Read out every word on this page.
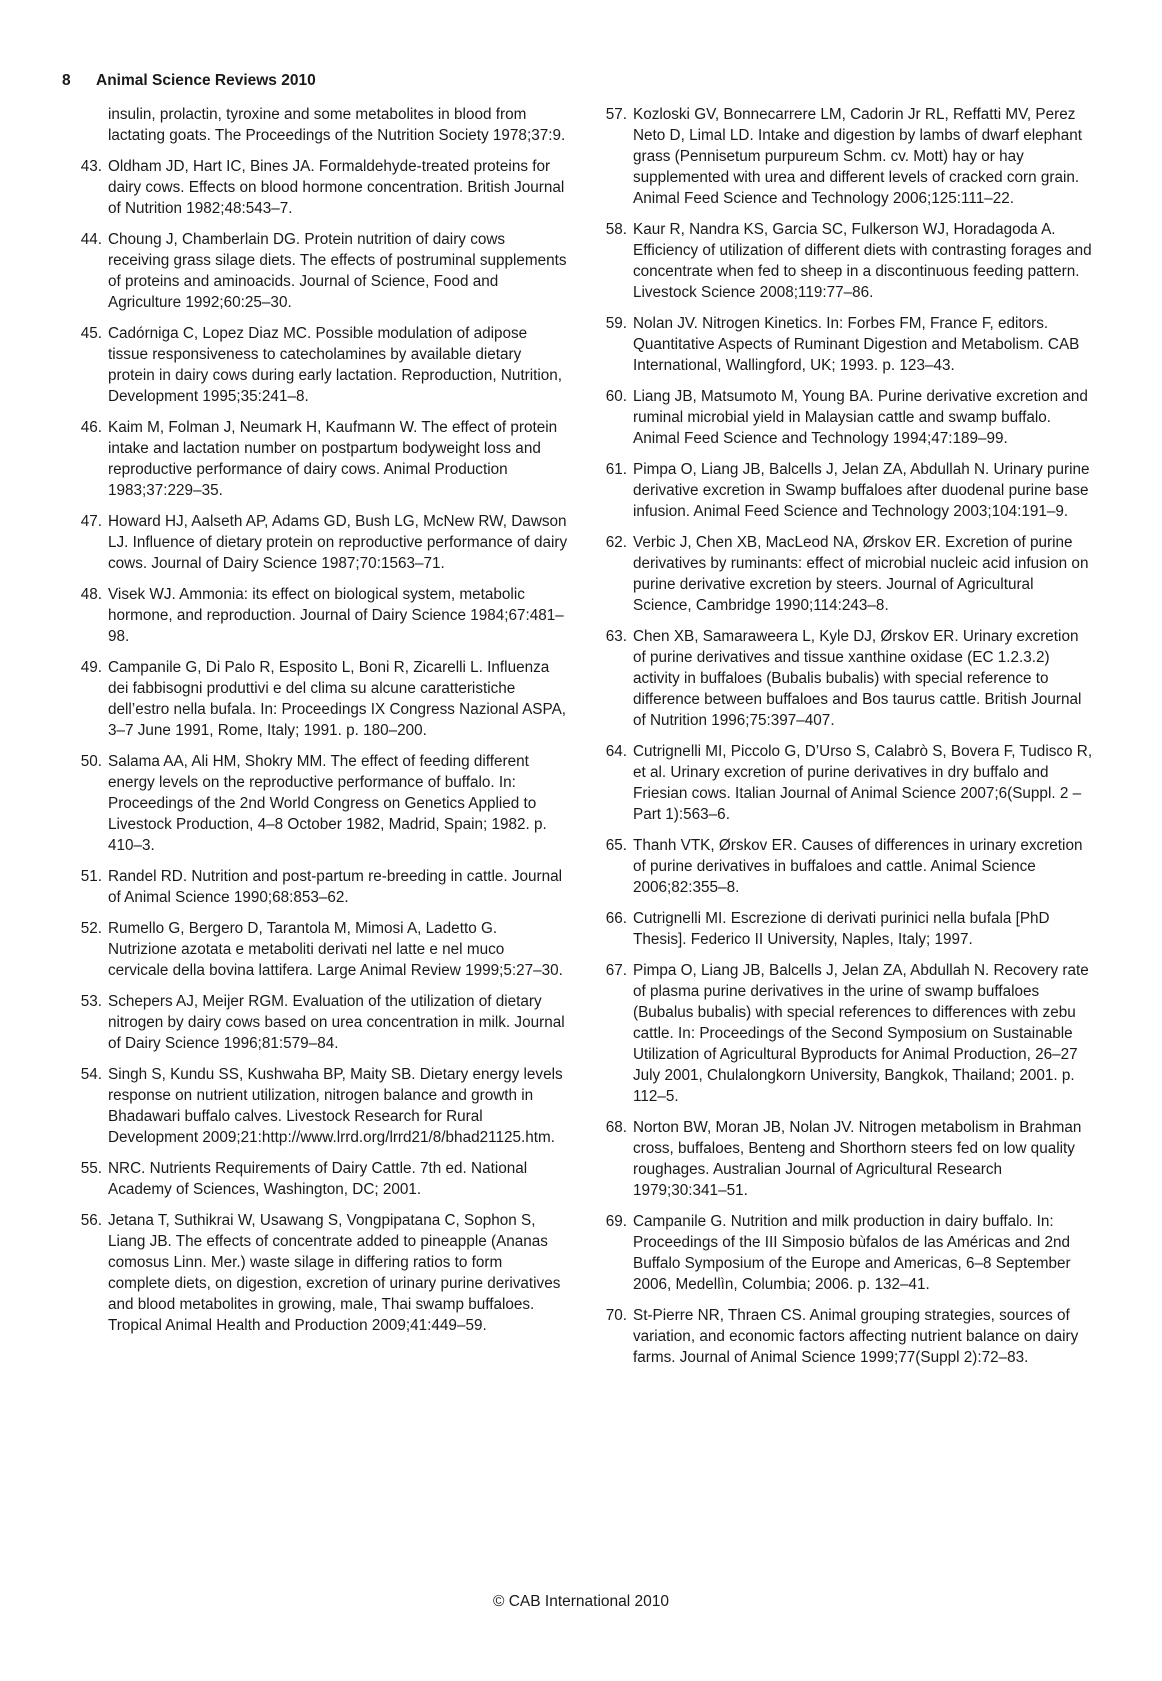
8 Animal Science Reviews 2010
insulin, prolactin, tyroxine and some metabolites in blood from lactating goats. The Proceedings of the Nutrition Society 1978;37:9.
43. Oldham JD, Hart IC, Bines JA. Formaldehyde-treated proteins for dairy cows. Effects on blood hormone concentration. British Journal of Nutrition 1982;48:543–7.
44. Choung J, Chamberlain DG. Protein nutrition of dairy cows receiving grass silage diets. The effects of postruminal supplements of proteins and aminoacids. Journal of Science, Food and Agriculture 1992;60:25–30.
45. Cadórniga C, Lopez Diaz MC. Possible modulation of adipose tissue responsiveness to catecholamines by available dietary protein in dairy cows during early lactation. Reproduction, Nutrition, Development 1995;35:241–8.
46. Kaim M, Folman J, Neumark H, Kaufmann W. The effect of protein intake and lactation number on postpartum bodyweight loss and reproductive performance of dairy cows. Animal Production 1983;37:229–35.
47. Howard HJ, Aalseth AP, Adams GD, Bush LG, McNew RW, Dawson LJ. Influence of dietary protein on reproductive performance of dairy cows. Journal of Dairy Science 1987;70:1563–71.
48. Visek WJ. Ammonia: its effect on biological system, metabolic hormone, and reproduction. Journal of Dairy Science 1984;67:481–98.
49. Campanile G, Di Palo R, Esposito L, Boni R, Zicarelli L. Influenza dei fabbisogni produttivi e del clima su alcune caratteristiche dell’estro nella bufala. In: Proceedings IX Congress Nazional ASPA, 3–7 June 1991, Rome, Italy; 1991. p. 180–200.
50. Salama AA, Ali HM, Shokry MM. The effect of feeding different energy levels on the reproductive performance of buffalo. In: Proceedings of the 2nd World Congress on Genetics Applied to Livestock Production, 4–8 October 1982, Madrid, Spain; 1982. p. 410–3.
51. Randel RD. Nutrition and post-partum re-breeding in cattle. Journal of Animal Science 1990;68:853–62.
52. Rumello G, Bergero D, Tarantola M, Mimosi A, Ladetto G. Nutrizione azotata e metaboliti derivati nel latte e nel muco cervicale della bovina lattifera. Large Animal Review 1999;5:27–30.
53. Schepers AJ, Meijer RGM. Evaluation of the utilization of dietary nitrogen by dairy cows based on urea concentration in milk. Journal of Dairy Science 1996;81:579–84.
54. Singh S, Kundu SS, Kushwaha BP, Maity SB. Dietary energy levels response on nutrient utilization, nitrogen balance and growth in Bhadawari buffalo calves. Livestock Research for Rural Development 2009;21:http://www.lrrd.org/lrrd21/8/bhad21125.htm.
55. NRC. Nutrients Requirements of Dairy Cattle. 7th ed. National Academy of Sciences, Washington, DC; 2001.
56. Jetana T, Suthikrai W, Usawang S, Vongpipatana C, Sophon S, Liang JB. The effects of concentrate added to pineapple (Ananas comosus Linn. Mer.) waste silage in differing ratios to form complete diets, on digestion, excretion of urinary purine derivatives and blood metabolites in growing, male, Thai swamp buffaloes. Tropical Animal Health and Production 2009;41:449–59.
57. Kozloski GV, Bonnecarrere LM, Cadorin Jr RL, Reffatti MV, Perez Neto D, Limal LD. Intake and digestion by lambs of dwarf elephant grass (Pennisetum purpureum Schm. cv. Mott) hay or hay supplemented with urea and different levels of cracked corn grain. Animal Feed Science and Technology 2006;125:111–22.
58. Kaur R, Nandra KS, Garcia SC, Fulkerson WJ, Horadagoda A. Efficiency of utilization of different diets with contrasting forages and concentrate when fed to sheep in a discontinuous feeding pattern. Livestock Science 2008;119:77–86.
59. Nolan JV. Nitrogen Kinetics. In: Forbes FM, France F, editors. Quantitative Aspects of Ruminant Digestion and Metabolism. CAB International, Wallingford, UK; 1993. p. 123–43.
60. Liang JB, Matsumoto M, Young BA. Purine derivative excretion and ruminal microbial yield in Malaysian cattle and swamp buffalo. Animal Feed Science and Technology 1994;47:189–99.
61. Pimpa O, Liang JB, Balcells J, Jelan ZA, Abdullah N. Urinary purine derivative excretion in Swamp buffaloes after duodenal purine base infusion. Animal Feed Science and Technology 2003;104:191–9.
62. Verbic J, Chen XB, MacLeod NA, Ørskov ER. Excretion of purine derivatives by ruminants: effect of microbial nucleic acid infusion on purine derivative excretion by steers. Journal of Agricultural Science, Cambridge 1990;114:243–8.
63. Chen XB, Samaraweera L, Kyle DJ, Ørskov ER. Urinary excretion of purine derivatives and tissue xanthine oxidase (EC 1.2.3.2) activity in buffaloes (Bubalis bubalis) with special reference to difference between buffaloes and Bos taurus cattle. British Journal of Nutrition 1996;75:397–407.
64. Cutrignelli MI, Piccolo G, D’Urso S, Calabrò S, Bovera F, Tudisco R, et al. Urinary excretion of purine derivatives in dry buffalo and Friesian cows. Italian Journal of Animal Science 2007;6(Suppl. 2 – Part 1):563–6.
65. Thanh VTK, Ørskov ER. Causes of differences in urinary excretion of purine derivatives in buffaloes and cattle. Animal Science 2006;82:355–8.
66. Cutrignelli MI. Escrezione di derivati purinici nella bufala [PhD Thesis]. Federico II University, Naples, Italy; 1997.
67. Pimpa O, Liang JB, Balcells J, Jelan ZA, Abdullah N. Recovery rate of plasma purine derivatives in the urine of swamp buffaloes (Bubalus bubalis) with special references to differences with zebu cattle. In: Proceedings of the Second Symposium on Sustainable Utilization of Agricultural Byproducts for Animal Production, 26–27 July 2001, Chulalongkorn University, Bangkok, Thailand; 2001. p. 112–5.
68. Norton BW, Moran JB, Nolan JV. Nitrogen metabolism in Brahman cross, buffaloes, Benteng and Shorthorn steers fed on low quality roughages. Australian Journal of Agricultural Research 1979;30:341–51.
69. Campanile G. Nutrition and milk production in dairy buffalo. In: Proceedings of the III Simposio bùfalos de las Américas and 2nd Buffalo Symposium of the Europe and Americas, 6–8 September 2006, Medellìn, Columbia; 2006. p. 132–41.
70. St-Pierre NR, Thraen CS. Animal grouping strategies, sources of variation, and economic factors affecting nutrient balance on dairy farms. Journal of Animal Science 1999;77(Suppl 2):72–83.
© CAB International 2010
